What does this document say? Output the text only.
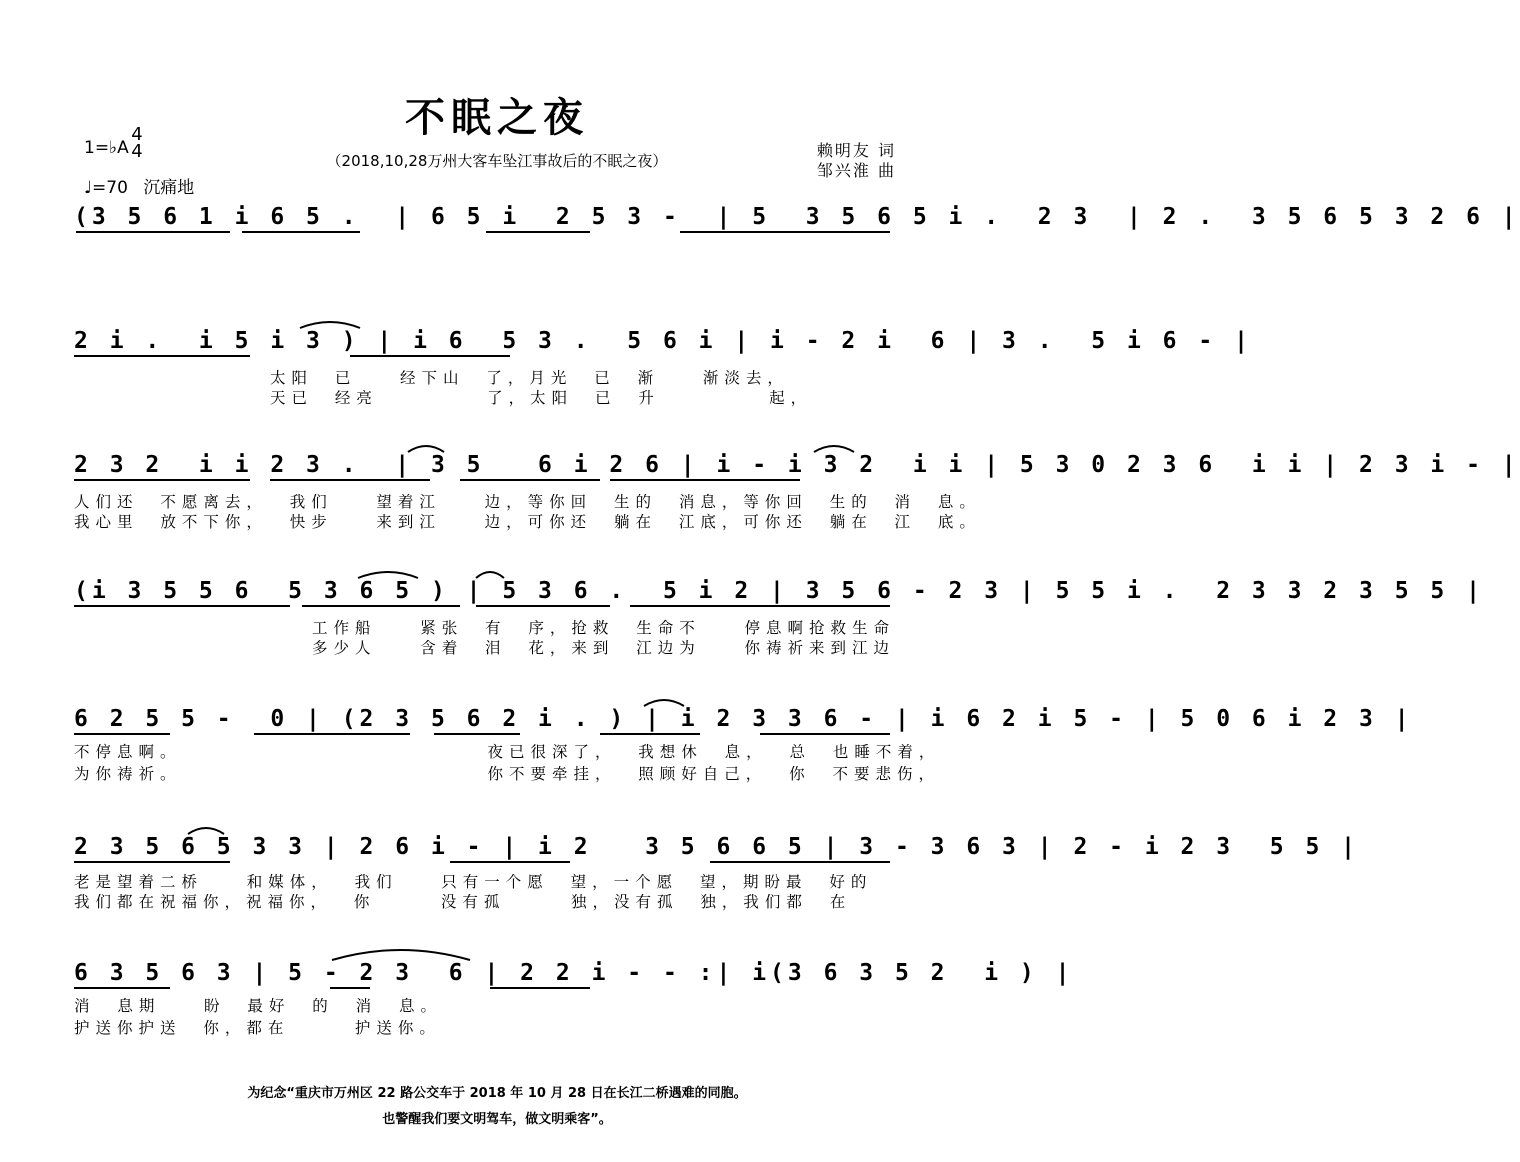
不眠之夜
（2018,10,28万州大客车坠江事故后的不眠之夜）
1=♭A
4
4
♩=70 沉痛地
赖明友 词
邹兴淮 曲
(3 5 6 1 i 6 5 .  | 6 5 i  2 5 3 -  | 5  3 5 6 5 i .  2 3  | 2 .  3 5 6 5 3 2 6 |
2 i .  i 5 i 3 ) | i 6  5 3 .  5 6 i | i - 2 i  6 | 3 .  5 i 6 - |
太阳  已    经下山  了，月光  已  渐    渐淡去，
天已  经亮          了，太阳  已  升          起，
2 3 2  i i 2 3 .  | 3 5   6 i 2 6 | i - i 3 2  i i | 5 3 0 2 3 6  i i | 2 3 i - |
人们还  不愿离去，  我们    望着江    边，等你回  生的  消息，等你回  生的  消  息。
我心里  放不下你，  快步    来到江    边，可你还  躺在  江底，可你还  躺在  江  底。
(i 3 5 5 6  5 3 6 5 ) | 5 3 6 .  5 i 2 | 3 5 6 - 2 3 | 5 5 i .  2 3 3 2 3 5 5 |
工作船    紧张  有  序，抢救  生命不    停息啊抢救生命
多少人    含着  泪  花，来到  江边为    你祷祈来到江边
6 2 5 5 -  0 | (2 3 5 6 2 i . ) | i 2 3 3 6 - | i 6 2 i 5 - | 5 0 6 i 2 3 |
不停息啊。                            夜已很深了，  我想休  息，  总  也睡不着，
为你祷祈。                            你不要牵挂，  照顾好自己，  你  不要悲伤，
2 3 5 6 5 3 3 | 2 6 i - | i 2   3 5 6 6 5 | 3 - 3 6 3 | 2 - i 2 3  5 5 |
老是望着二桥    和媒体，  我们    只有一个愿  望，一个愿  望，期盼最  好的
我们都在祝福你，祝福你，  你      没有孤      独，没有孤  独，我们都  在
6 3 5 6 3 | 5 - 2 3  6 | 2 2 i - - :| i(3 6 3 5 2  i ) |
消  息期    盼  最好  的  消  息。
护送你护送  你，都在      护送你。
为纪念“重庆市万州区 22 路公交车于 2018 年 10 月 28 日在长江二桥遇难的同胞。
也警醒我们要文明驾车，做文明乘客”。
